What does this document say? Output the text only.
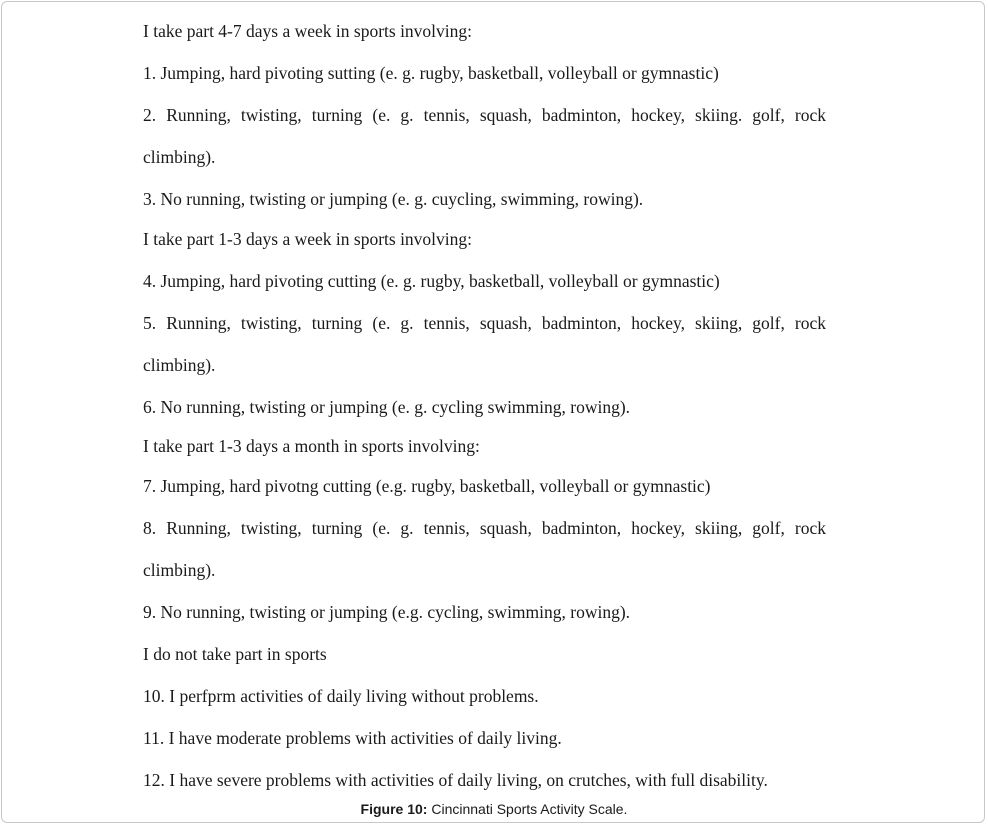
I take part 4-7 days a week in sports involving:
1. Jumping, hard pivoting sutting (e. g. rugby, basketball, volleyball or gymnastic)
2. Running, twisting, turning (e. g. tennis, squash, badminton, hockey, skiing. golf, rock
climbing).
3. No running, twisting or jumping (e. g. cuycling, swimming, rowing).
I take part 1-3 days a week in sports involving:
4. Jumping, hard pivoting cutting (e. g. rugby, basketball, volleyball or gymnastic)
5. Running, twisting, turning (e. g. tennis, squash, badminton, hockey, skiing, golf, rock
climbing).
6. No running, twisting or jumping (e. g. cycling swimming, rowing).
I take part 1-3 days a month in sports involving:
7. Jumping, hard pivotng cutting (e.g. rugby, basketball, volleyball or gymnastic)
8. Running, twisting, turning (e. g. tennis, squash, badminton, hockey, skiing, golf, rock
climbing).
9. No running, twisting or jumping (e.g. cycling, swimming, rowing).
I do not take part in sports
10. I perfprm activities of daily living without problems.
11. I have moderate problems with activities of daily living.
12. I have severe problems with activities of daily living, on crutches, with full disability.
Figure 10: Cincinnati Sports Activity Scale.
